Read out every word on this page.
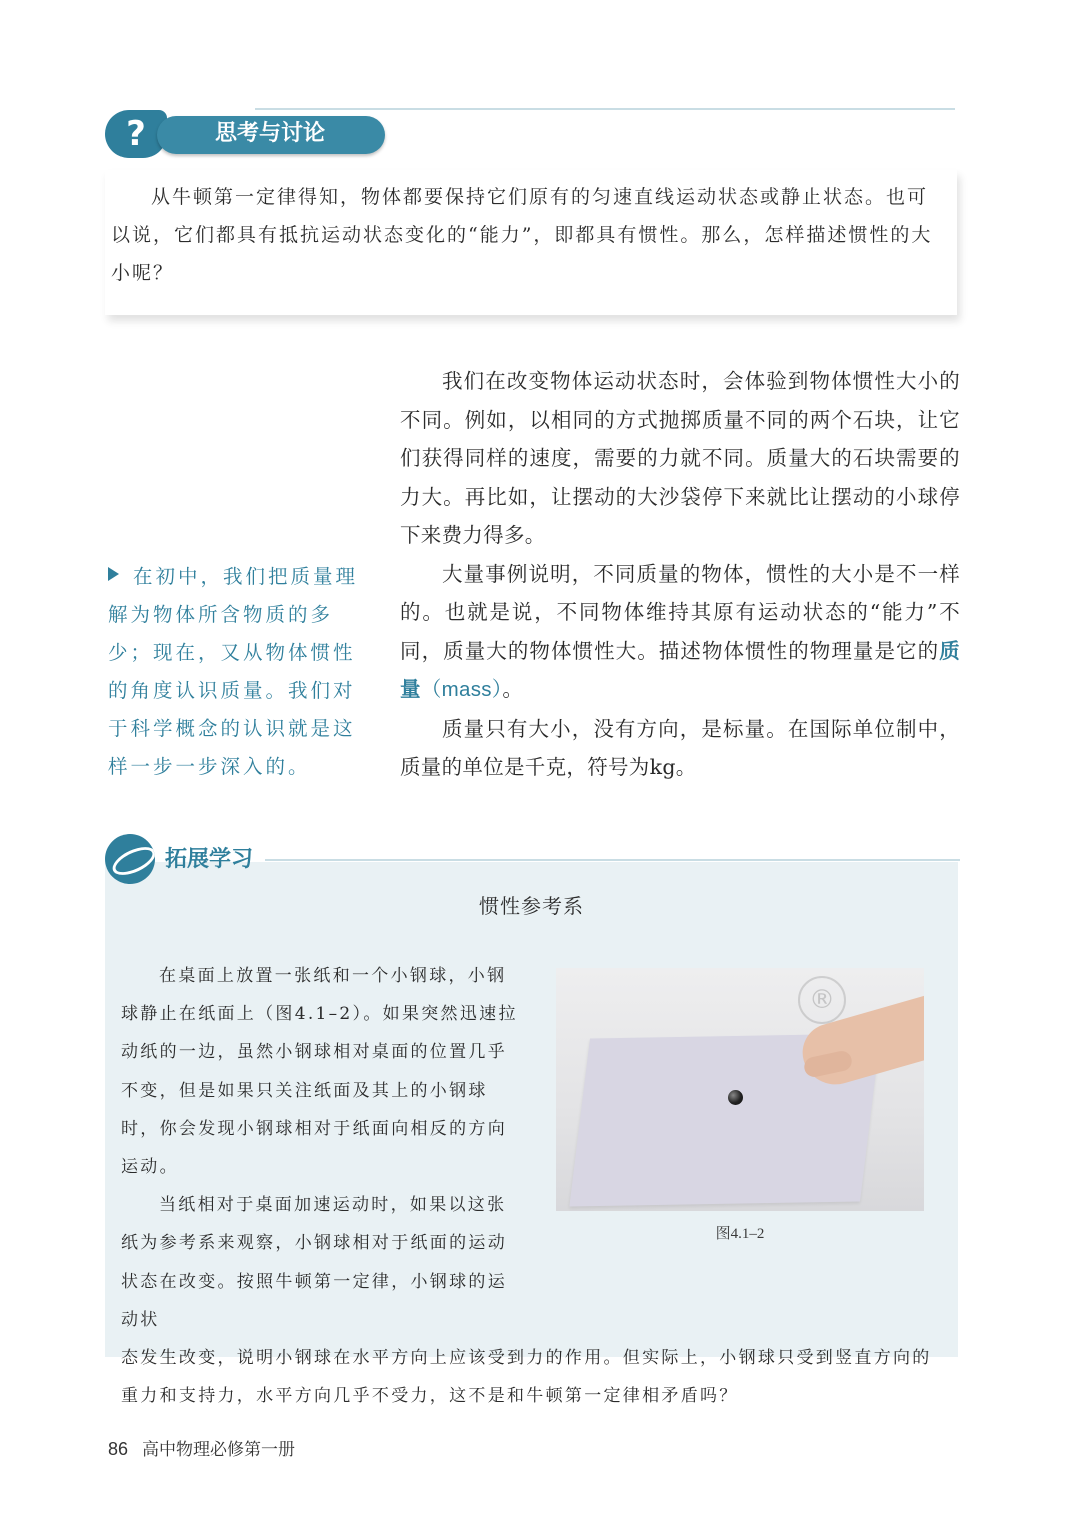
?	思考与讨论

从牛顿第一定律得知，物体都要保持它们原有的匀速直线运动状态或静止状态。也可以说，它们都具有抵抗运动状态变化的“能力”，即都具有惯性。那么，怎样描述惯性的大小呢？

我们在改变物体运动状态时，会体验到物体惯性大小的不同。例如，以相同的方式抛掷质量不同的两个石块，让它们获得同样的速度，需要的力就不同。质量大的石块需要的力大。再比如，让摆动的大沙袋停下来就比让摆动的小球停下来费力得多。

大量事例说明，不同质量的物体，惯性的大小是不一样的。也就是说，不同物体维持其原有运动状态的“能力”不同，质量大的物体惯性大。描述物体惯性的物理量是它的质量（mass）。

质量只有大小，没有方向，是标量。在国际单位制中，质量的单位是千克，符号为kg。

在初中，我们把质量理解为物体所含物质的多少；现在，又从物体惯性的角度认识质量。我们对于科学概念的认识就是这样一步一步深入的。

惯性参考系

在桌面上放置一张纸和一个小钢球，小钢球静止在纸面上（图4.1–2）。如果突然迅速拉动纸的一边，虽然小钢球相对桌面的位置几乎不变，但是如果只关注纸面及其上的小钢球时，你会发现小钢球相对于纸面向相反的方向运动。

当纸相对于桌面加速运动时，如果以这张纸为参考系来观察，小钢球相对于纸面的运动状态在改变。按照牛顿第一定律，小钢球的运动状

态发生改变，说明小钢球在水平方向上应该受到力的作用。但实际上，小钢球只受到竖直方向的重力和支持力，水平方向几乎不受力，这不是和牛顿第一定律相矛盾吗？

拓展学习
®
图4.1–2
86 高中物理必修第一册
